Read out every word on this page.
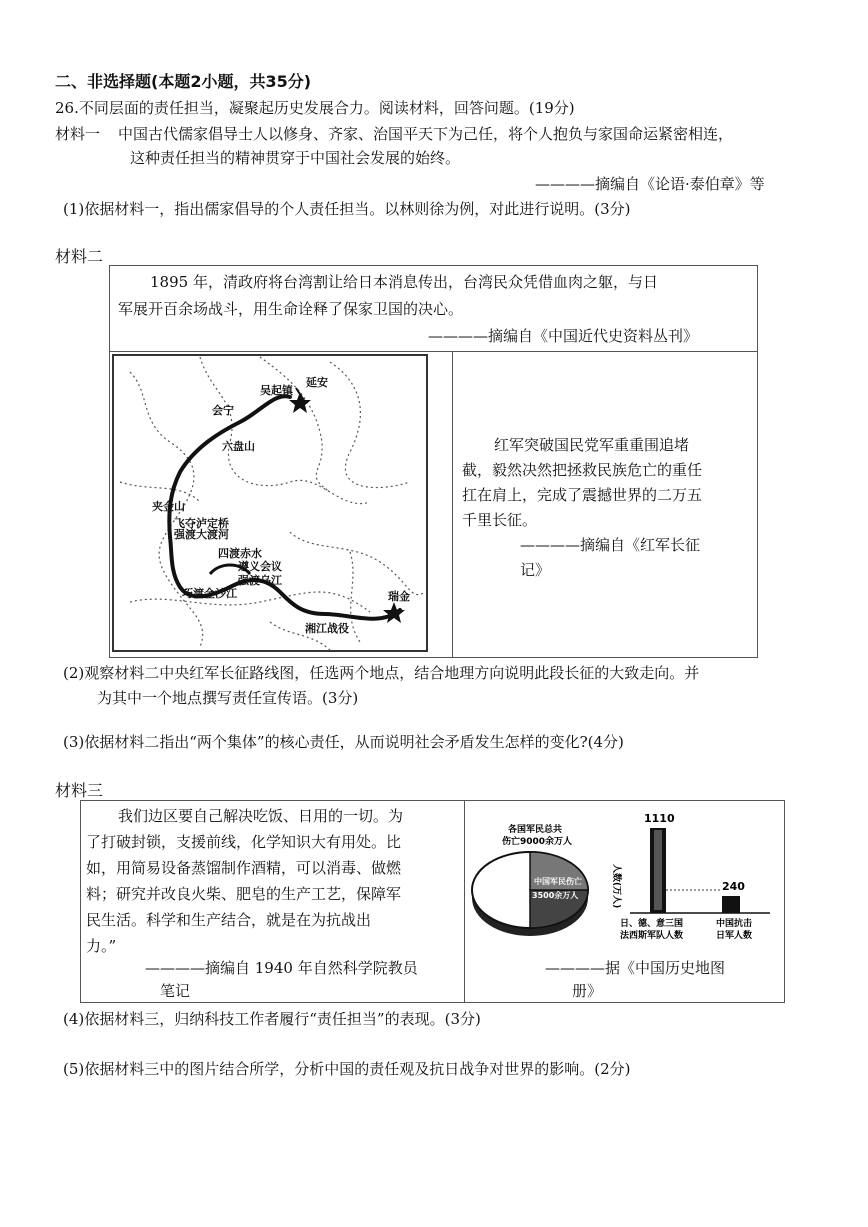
二、非选择题(本题2小题，共35分)
26.不同层面的责任担当，凝聚起历史发展合力。阅读材料，回答问题。(19分)
材料一 中国古代儒家倡导士人以修身、齐家、治国平天下为己任，将个人抱负与家国命运紧密相连，
这种责任担当的精神贯穿于中国社会发展的始终。
————摘编自《论语·泰伯章》等
(1)依据材料一，指出儒家倡导的个人责任担当。以林则徐为例，对此进行说明。(3分)
材料二
1895 年，清政府将台湾割让给日本消息传出，台湾民众凭借血肉之躯，与日
军展开百余场战斗，用生命诠释了保家卫国的决心。
————摘编自《中国近代史资料丛刊》
延安
吴起镇
会宁
六盘山
夹金山
飞夺泸定桥
强渡大渡河
四渡赤水
遵义会议
强渡乌江
巧渡金沙江
湘江战役
瑞金
红军突破国民党军重重围追堵
截，毅然决然把拯救民族危亡的重任
扛在肩上，完成了震撼世界的二万五
千里长征。
————摘编自《红军长征
记》
(2)观察材料二中央红军长征路线图，任选两个地点，结合地理方向说明此段长征的大致走向。并
为其中一个地点撰写责任宣传语。(3分)
(3)依据材料二指出“两个集体”的核心责任，从而说明社会矛盾发生怎样的变化?(4分)
材料三
我们边区要自己解决吃饭、日用的一切。为
了打破封锁，支援前线，化学知识大有用处。比
如，用简易设备蒸馏制作酒精，可以消毒、做燃
料；研究并改良火柴、肥皂的生产工艺，保障军
民生活。科学和生产结合，就是在为抗战出
力。”
————摘编自 1940 年自然科学院教员
笔记
各国军民总共
伤亡9000余万人
中国军民伤亡
3500余万人	人数(万人)
1110
240
日、德、意三国
法西斯军队人数
中国抗击
日军人数
————据《中国历史地图
册》
(4)依据材料三，归纳科技工作者履行“责任担当”的表现。(3分)
(5)依据材料三中的图片结合所学，分析中国的责任观及抗日战争对世界的影响。(2分)
